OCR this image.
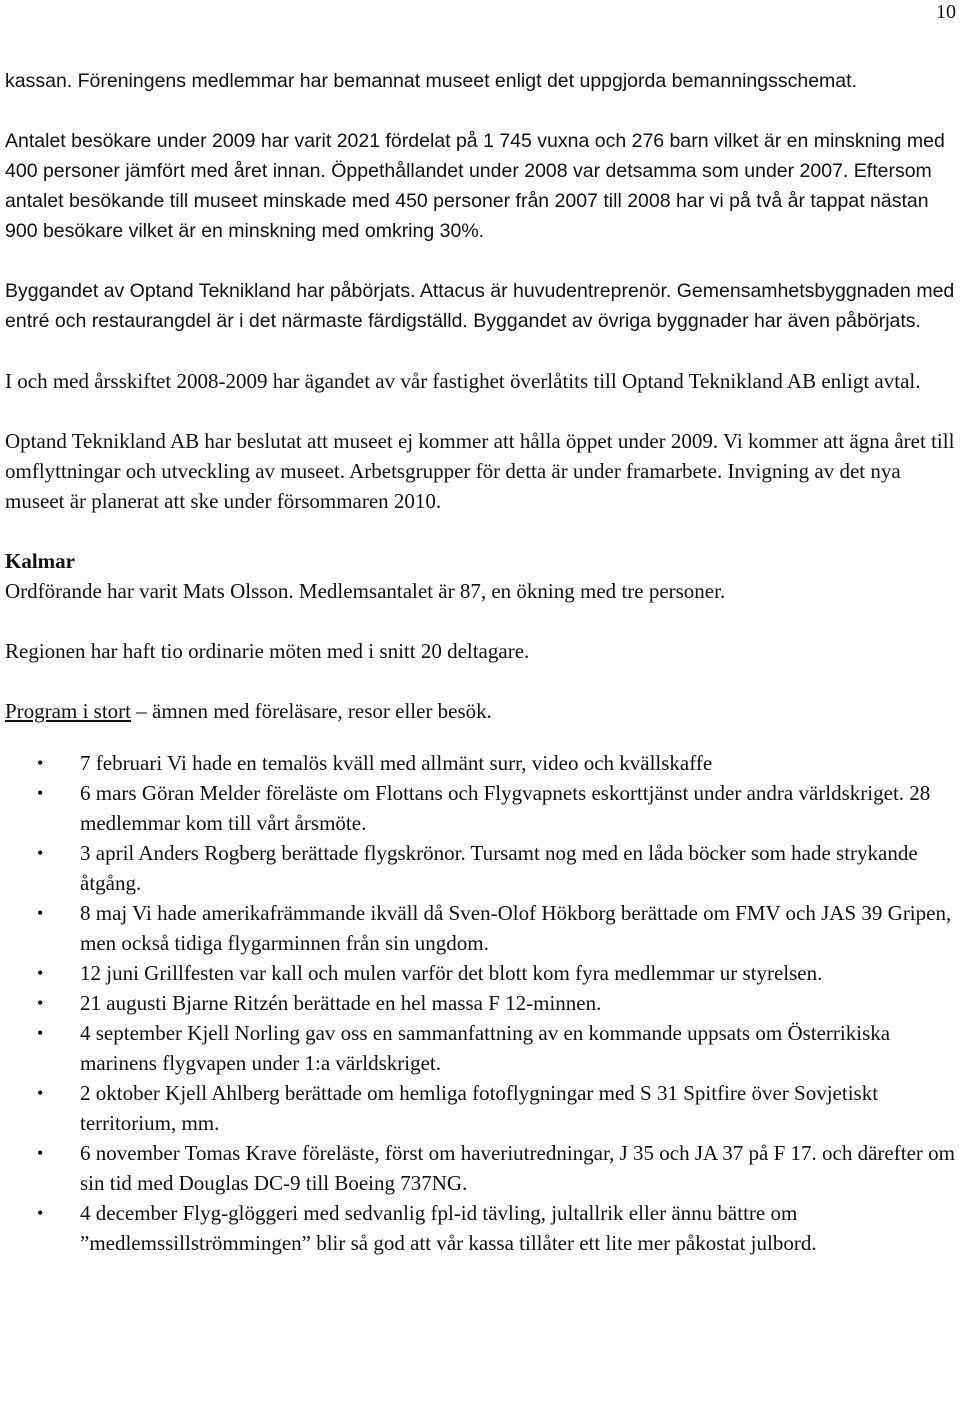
10

kassan. Föreningens medlemmar har bemannat museet enligt det uppgjorda bemanningsschemat.

Antalet besökare under 2009 har varit 2021 fördelat på 1 745 vuxna och 276 barn vilket är en minskning med 400 personer jämfört med året innan. Öppethållandet under 2008 var detsamma som under 2007. Eftersom antalet besökande till museet minskade med 450 personer från 2007 till 2008 har vi på två år tappat nästan 900 besökare vilket är en minskning med omkring 30%.

Byggandet av Optand Teknikland har påbörjats. Attacus är huvudentreprenör. Gemensamhetsbyggnaden med entré och restaurangdel är i det närmaste färdigställd. Byggandet av övriga byggnader har även påbörjats.

I och med årsskiftet 2008-2009 har ägandet av vår fastighet överlåtits till Optand Teknikland AB enligt avtal.

Optand Teknikland AB har beslutat att museet ej kommer att hålla öppet under 2009. Vi kommer att ägna året till omflyttningar och utveckling av museet. Arbetsgrupper för detta är under framarbete. Invigning av det nya museet är planerat att ske under försommaren 2010.

Kalmar

Ordförande har varit Mats Olsson. Medlemsantalet är 87, en ökning med tre personer.

Regionen har haft tio ordinarie möten med i snitt 20 deltagare.

Program i stort – ämnen med föreläsare, resor eller besök.

• 7 februari Vi hade en temalös kväll med allmänt surr, video och kvällskaffe
• 6 mars Göran Melder föreläste om Flottans och Flygvapnets eskorttjänst under andra världskriget. 28 medlemmar kom till vårt årsmöte.
• 3 april Anders Rogberg berättade flygskrönor. Tursamt nog med en låda böcker som hade strykande åtgång.
• 8 maj Vi hade amerikafrämmande ikväll då Sven-Olof Hökborg berättade om FMV och JAS 39 Gripen, men också tidiga flygarminnen från sin ungdom.
• 12 juni Grillfesten var kall och mulen varför det blott kom fyra medlemmar ur styrelsen.
• 21 augusti Bjarne Ritzén berättade en hel massa F 12-minnen.
• 4 september Kjell Norling gav oss en sammanfattning av en kommande uppsats om Österrikiska marinens flygvapen under 1:a världskriget.
• 2 oktober Kjell Ahlberg berättade om hemliga fotoflygningar med S 31 Spitfire över Sovjetiskt territorium, mm.
• 6 november Tomas Krave föreläste, först om haveriutredningar, J 35 och JA 37 på F 17. och därefter om sin tid med Douglas DC-9 till Boeing 737NG.
• 4 december Flyg-glöggeri med sedvanlig fpl-id tävling, jultallrik eller ännu bättre om ”medlemssillströmmingen” blir så god att vår kassa tillåter ett lite mer påkostat julbord.
